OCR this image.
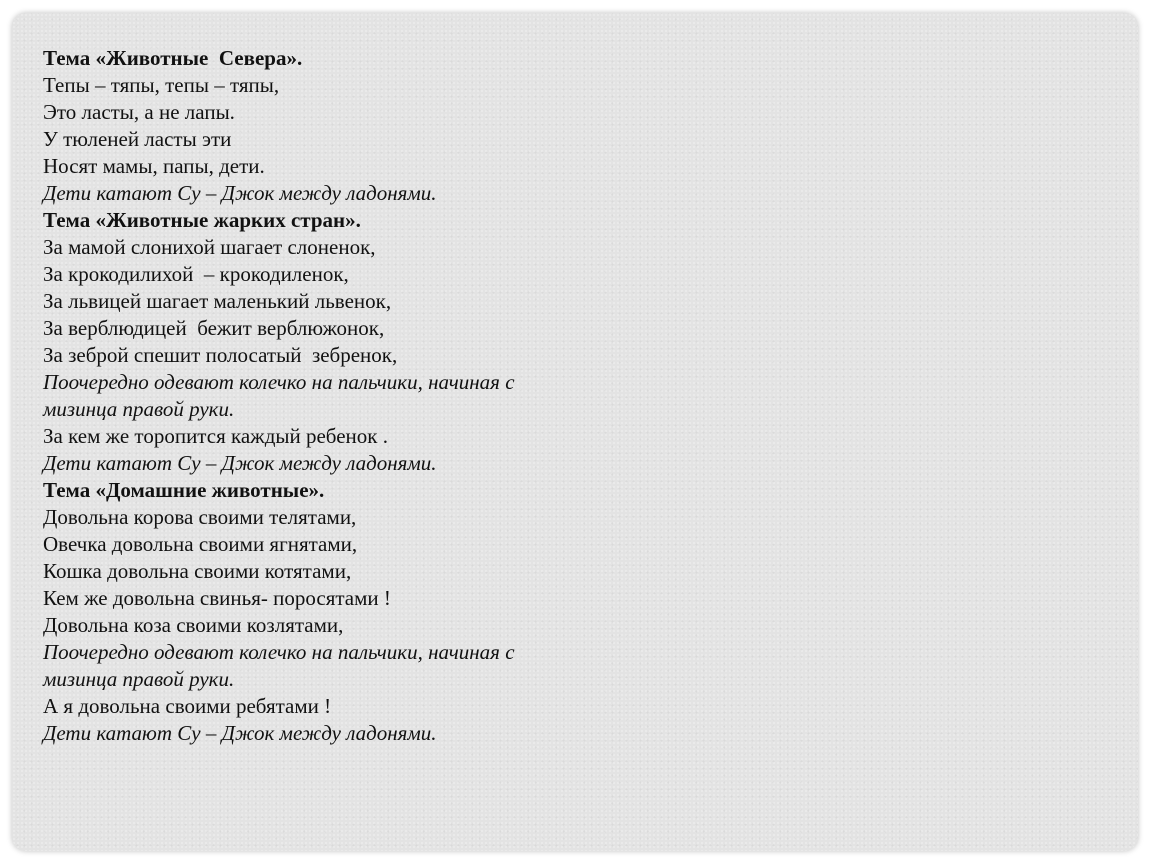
Тема «Животные  Севера».
Тепы – тяпы, тепы – тяпы,
Это ласты, а не лапы.
У тюленей ласты эти
Носят мамы, папы, дети.
Дети катают Су – Джок между ладонями.
Тема «Животные жарких стран».
За мамой слонихой шагает слоненок,
За крокодилихой  – крокодиленок,
За львицей шагает маленький львенок,
За верблюдицей  бежит верблюжонок,
За зеброй спешит полосатый  зебренок,
Поочередно одевают колечко на пальчики, начиная с
мизинца правой руки.
За кем же торопится каждый ребенок .
Дети катают Су – Джок между ладонями.
Тема «Домашние животные».
Довольна корова своими телятами,
Овечка довольна своими ягнятами,
Кошка довольна своими котятами,
Кем же довольна свинья- поросятами !
Довольна коза своими козлятами,
Поочередно одевают колечко на пальчики, начиная с
мизинца правой руки.
А я довольна своими ребятами !
Дети катают Су – Джок между ладонями.
